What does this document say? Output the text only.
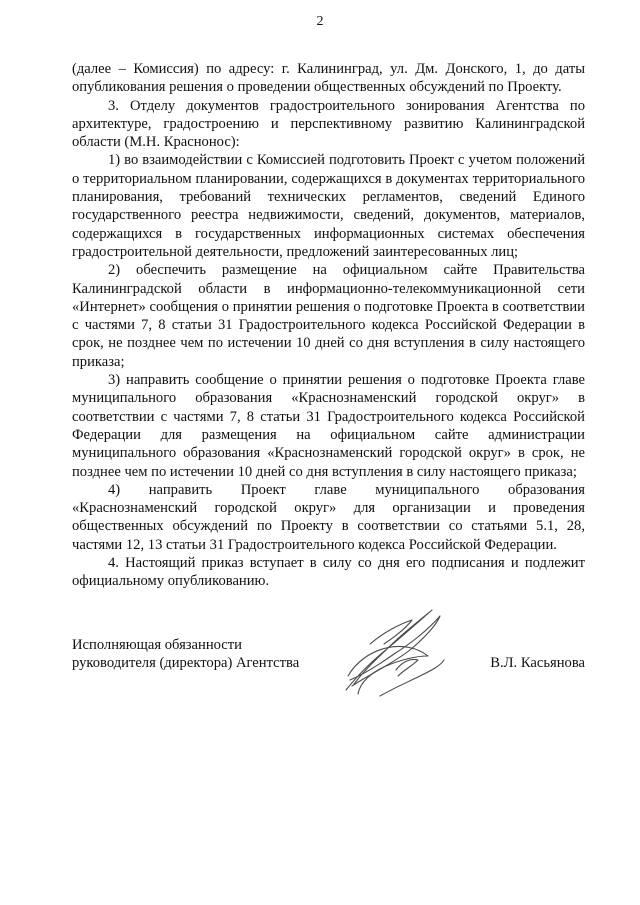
2

(далее – Комиссия) по адресу: г. Калининград, ул. Дм. Донского, 1, до даты опубликования решения о проведении общественных обсуждений по Проекту.

3. Отделу документов градостроительного зонирования Агентства по архитектуре, градостроению и перспективному развитию Калининградской области (М.Н. Краснонос):

1) во взаимодействии с Комиссией подготовить Проект с учетом положений о территориальном планировании, содержащихся в документах территориального планирования, требований технических регламентов, сведений Единого государственного реестра недвижимости, сведений, документов, материалов, содержащихся в государственных информационных системах обеспечения градостроительной деятельности, предложений заинтересованных лиц;

2) обеспечить размещение на официальном сайте Правительства Калининградской области в информационно-телекоммуникационной сети «Интернет» сообщения о принятии решения о подготовке Проекта в соответствии с частями 7, 8 статьи 31 Градостроительного кодекса Российской Федерации в срок, не позднее чем по истечении 10 дней со дня вступления в силу настоящего приказа;

3) направить сообщение о принятии решения о подготовке Проекта главе муниципального образования «Краснознаменский городской округ» в соответствии с частями 7, 8 статьи 31 Градостроительного кодекса Российской Федерации для размещения на официальном сайте администрации муниципального образования «Краснознаменский городской округ» в срок, не позднее чем по истечении 10 дней со дня вступления в силу настоящего приказа;

4) направить Проект главе муниципального образования «Краснознаменский городской округ» для организации и проведения общественных обсуждений по Проекту в соответствии со статьями 5.1, 28, частями 12, 13 статьи 31 Градостроительного кодекса Российской Федерации.

4. Настоящий приказ вступает в силу со дня его подписания и подлежит официальному опубликованию.

Исполняющая обязанности
руководителя (директора) Агентства	В.Л. Касьянова
